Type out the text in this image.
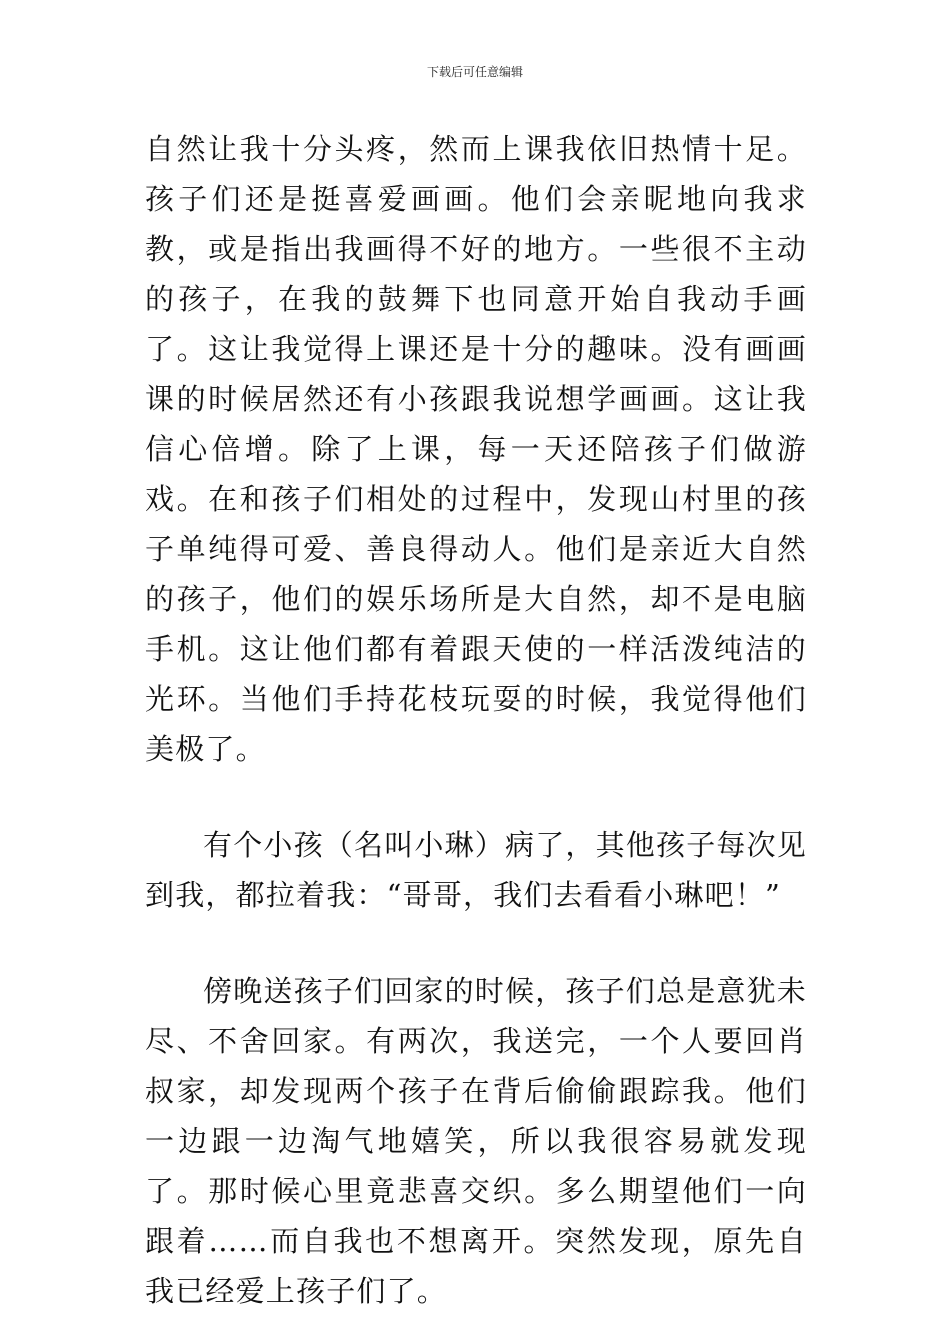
下载后可任意编辑

自然让我十分头疼，然而上课我依旧热情十足。孩子们还是挺喜爱画画。他们会亲昵地向我求教，或是指出我画得不好的地方。一些很不主动的孩子，在我的鼓舞下也同意开始自我动手画了。这让我觉得上课还是十分的趣味。没有画画课的时候居然还有小孩跟我说想学画画。这让我信心倍增。除了上课，每一天还陪孩子们做游戏。在和孩子们相处的过程中，发现山村里的孩子单纯得可爱、善良得动人。他们是亲近大自然的孩子，他们的娱乐场所是大自然，却不是电脑手机。这让他们都有着跟天使的一样活泼纯洁的光环。当他们手持花枝玩耍的时候，我觉得他们美极了。

有个小孩（名叫小琳）病了，其他孩子每次见到我，都拉着我：“哥哥，我们去看看小琳吧！”

傍晚送孩子们回家的时候，孩子们总是意犹未尽、不舍回家。有两次，我送完，一个人要回肖叔家，却发现两个孩子在背后偷偷跟踪我。他们一边跟一边淘气地嬉笑，所以我很容易就发现了。那时候心里竟悲喜交织。多么期望他们一向跟着……而自我也不想离开。突然发现，原先自我已经爱上孩子们了。
